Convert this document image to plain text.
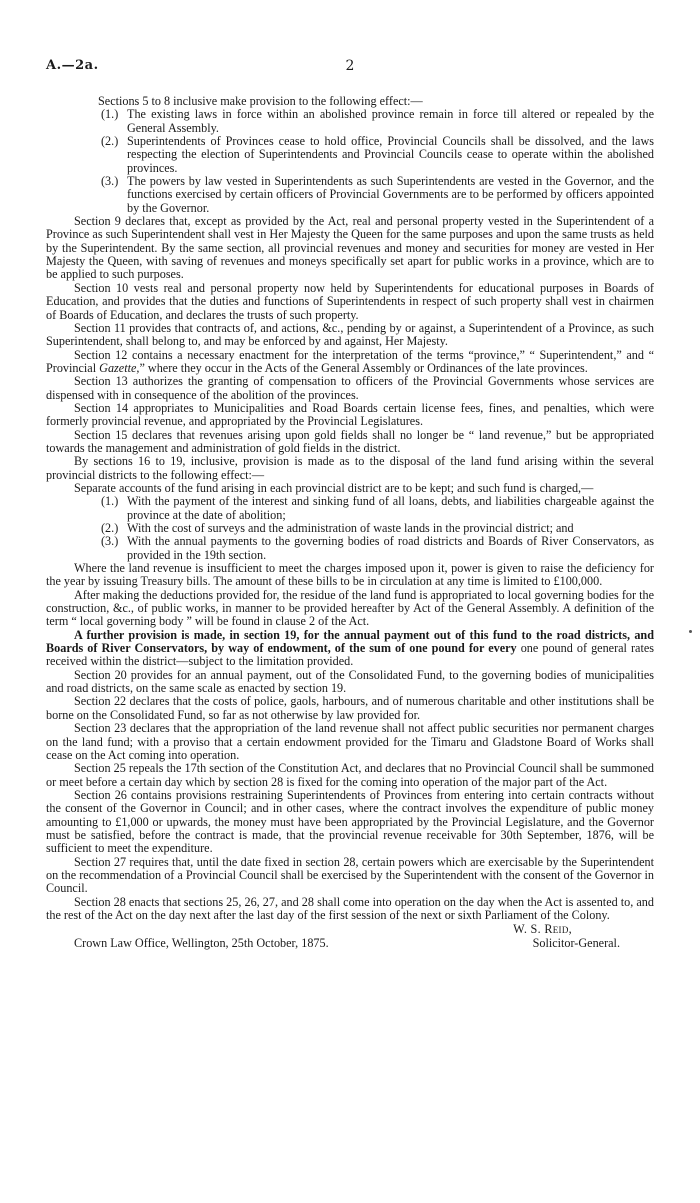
A.—2a.	2

Sections 5 to 8 inclusive make provision to the following effect:—

(1.) The existing laws in force within an abolished province remain in force till altered or repealed by the General Assembly.
(2.) Superintendents of Provinces cease to hold office, Provincial Councils shall be dissolved, and the laws respecting the election of Superintendents and Provincial Councils cease to operate within the abolished provinces.
(3.) The powers by law vested in Superintendents as such Superintendents are vested in the Governor, and the functions exercised by certain officers of Provincial Governments are to be performed by officers appointed by the Governor.

Section 9 declares that, except as provided by the Act, real and personal property vested in the Superintendent of a Province as such Superintendent shall vest in Her Majesty the Queen for the same purposes and upon the same trusts as held by the Superintendent. By the same section, all provincial revenues and money and securities for money are vested in Her Majesty the Queen, with saving of revenues and moneys specifically set apart for public works in a province, which are to be applied to such purposes.

Section 10 vests real and personal property now held by Superintendents for educational purposes in Boards of Education, and provides that the duties and functions of Superintendents in respect of such property shall vest in chairmen of Boards of Education, and declares the trusts of such property.

Section 11 provides that contracts of, and actions, &c., pending by or against, a Superintendent of a Province, as such Superintendent, shall belong to, and may be enforced by and against, Her Majesty.

Section 12 contains a necessary enactment for the interpretation of the terms “province,” “ Superintendent,” and “ Provincial Gazette,” where they occur in the Acts of the General Assembly or Ordinances of the late provinces.

Section 13 authorizes the granting of compensation to officers of the Provincial Governments whose services are dispensed with in consequence of the abolition of the provinces.

Section 14 appropriates to Municipalities and Road Boards certain license fees, fines, and penalties, which were formerly provincial revenue, and appropriated by the Provincial Legislatures.

Section 15 declares that revenues arising upon gold fields shall no longer be “ land revenue,” but be appropriated towards the management and administration of gold fields in the district.

By sections 16 to 19, inclusive, provision is made as to the disposal of the land fund arising within the several provincial districts to the following effect:—

Separate accounts of the fund arising in each provincial district are to be kept; and such fund is charged,—

(1.) With the payment of the interest and sinking fund of all loans, debts, and liabilities chargeable against the province at the date of abolition;
(2.) With the cost of surveys and the administration of waste lands in the provincial district; and
(3.) With the annual payments to the governing bodies of road districts and Boards of River Conservators, as provided in the 19th section.

Where the land revenue is insufficient to meet the charges imposed upon it, power is given to raise the deficiency for the year by issuing Treasury bills. The amount of these bills to be in circulation at any time is limited to £100,000.

After making the deductions provided for, the residue of the land fund is appropriated to local governing bodies for the construction, &c., of public works, in manner to be provided hereafter by Act of the General Assembly. A definition of the term “ local governing body ” will be found in clause 2 of the Act.

A further provision is made, in section 19, for the annual payment out of this fund to the road districts, and Boards of River Conservators, by way of endowment, of the sum of one pound for every one pound of general rates received within the district—subject to the limitation provided.

Section 20 provides for an annual payment, out of the Consolidated Fund, to the governing bodies of municipalities and road districts, on the same scale as enacted by section 19.

Section 22 declares that the costs of police, gaols, harbours, and of numerous charitable and other institutions shall be borne on the Consolidated Fund, so far as not otherwise by law provided for.

Section 23 declares that the appropriation of the land revenue shall not affect public securities nor permanent charges on the land fund; with a proviso that a certain endowment provided for the Timaru and Gladstone Board of Works shall cease on the Act coming into operation.

Section 25 repeals the 17th section of the Constitution Act, and declares that no Provincial Council shall be summoned or meet before a certain day which by section 28 is fixed for the coming into operation of the major part of the Act.

Section 26 contains provisions restraining Superintendents of Provinces from entering into certain contracts without the consent of the Governor in Council; and in other cases, where the contract involves the expenditure of public money amounting to £1,000 or upwards, the money must have been appropriated by the Provincial Legislature, and the Governor must be satisfied, before the contract is made, that the provincial revenue receivable for 30th September, 1876, will be sufficient to meet the expenditure.

Section 27 requires that, until the date fixed in section 28, certain powers which are exercisable by the Superintendent on the recommendation of a Provincial Council shall be exercised by the Superintendent with the consent of the Governor in Council.

Section 28 enacts that sections 25, 26, 27, and 28 shall come into operation on the day when the Act is assented to, and the rest of the Act on the day next after the last day of the first session of the next or sixth Parliament of the Colony.

Crown Law Office, Wellington, 25th October, 1875.
W. S. Reid,
Solicitor-General.
